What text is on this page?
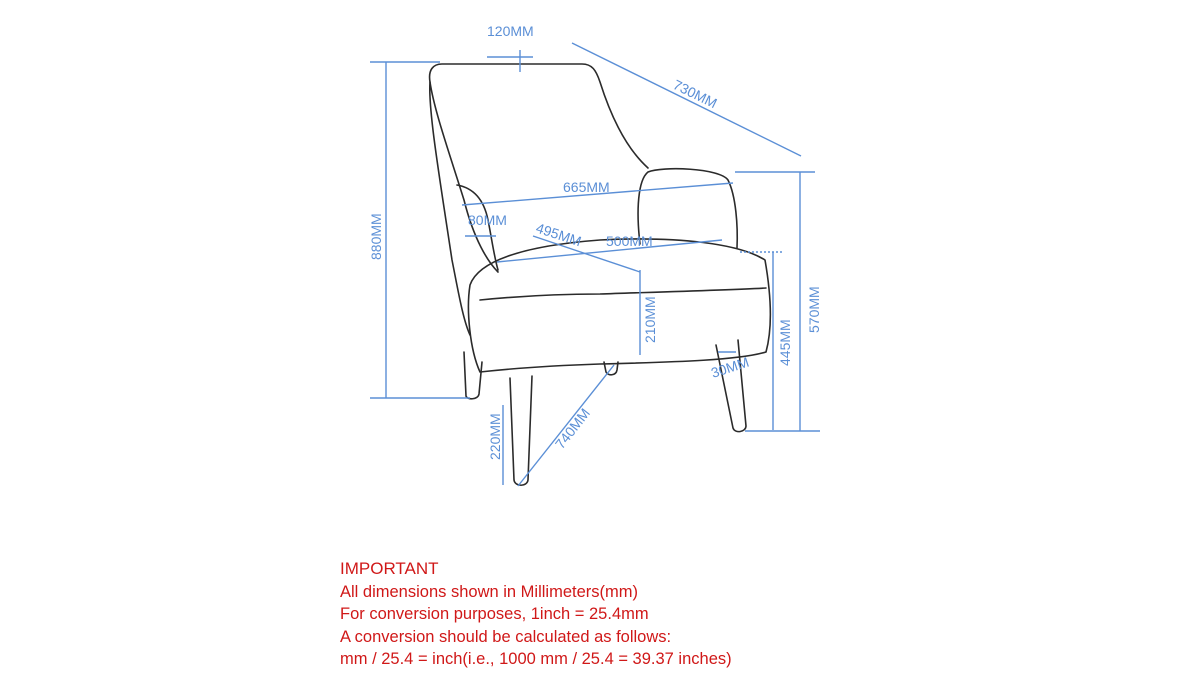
120MM
730MM
665MM
80MM 495MM 500MM
880MM
210MM	445MM
570MM
30MM
740MM
220MM
IMPORTANT
All dimensions shown in Millimeters(mm)
For conversion purposes, 1inch = 25.4mm
A conversion should be calculated as follows:
mm / 25.4 = inch(i.e., 1000 mm / 25.4 = 39.37 inches)
